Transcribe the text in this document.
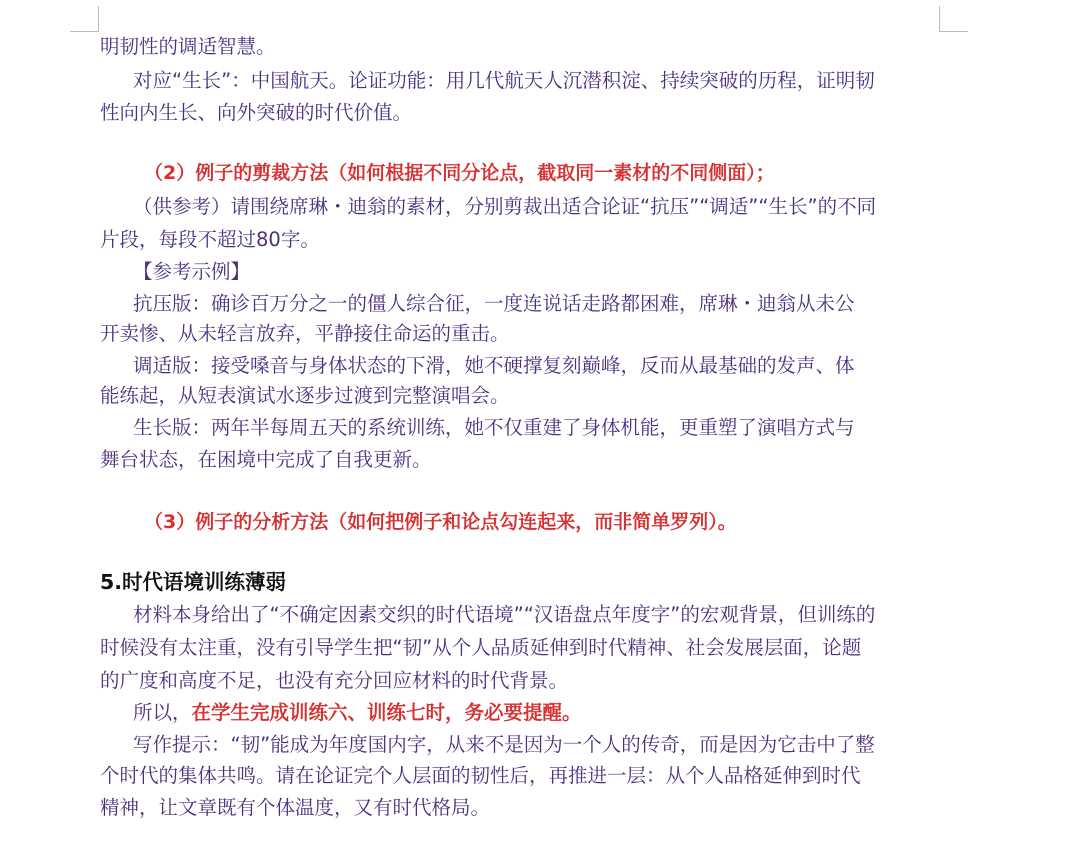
明韧性的调适智慧。
对应“生长”：中国航天。论证功能：用几代航天人沉潜积淀、持续突破的历程，证明韧
性向内生长、向外突破的时代价值。
（2）例子的剪裁方法（如何根据不同分论点，截取同一素材的不同侧面）；
（供参考）请围绕席琳・迪翁的素材，分别剪裁出适合论证“抗压”“调适”“生长”的不同
片段，每段不超过80字。
【参考示例】
抗压版：确诊百万分之一的僵人综合征，一度连说话走路都困难，席琳・迪翁从未公
开卖惨、从未轻言放弃，平静接住命运的重击。
调适版：接受嗓音与身体状态的下滑，她不硬撑复刻巅峰，反而从最基础的发声、体
能练起，从短表演试水逐步过渡到完整演唱会。
生长版：两年半每周五天的系统训练，她不仅重建了身体机能，更重塑了演唱方式与
舞台状态，在困境中完成了自我更新。
（3）例子的分析方法（如何把例子和论点勾连起来，而非简单罗列）。
5.时代语境训练薄弱
材料本身给出了“不确定因素交织的时代语境”“汉语盘点年度字”的宏观背景，但训练的
时候没有太注重，没有引导学生把“韧”从个人品质延伸到时代精神、社会发展层面，论题
的广度和高度不足，也没有充分回应材料的时代背景。
所以，在学生完成训练六、训练七时，务必要提醒。
写作提示：“韧”能成为年度国内字，从来不是因为一个人的传奇，而是因为它击中了整
个时代的集体共鸣。请在论证完个人层面的韧性后，再推进一层：从个人品格延伸到时代
精神，让文章既有个体温度，又有时代格局。
